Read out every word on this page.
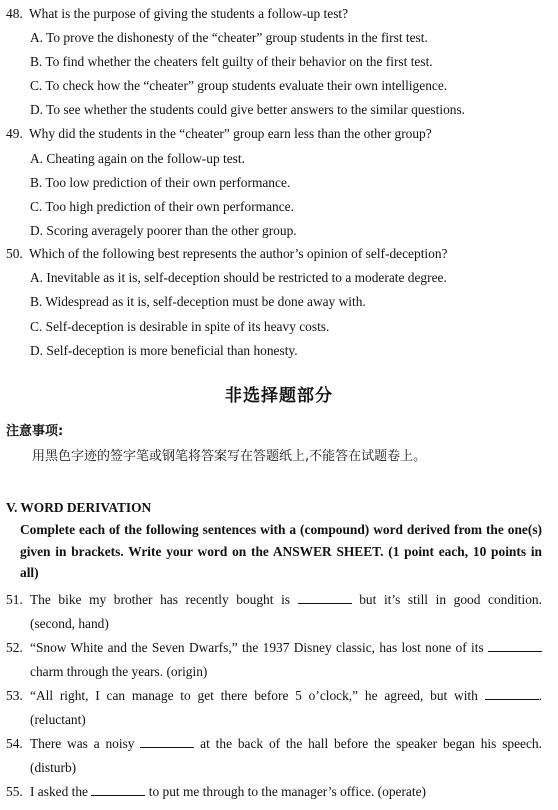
48. What is the purpose of giving the students a follow-up test?
A. To prove the dishonesty of the “cheater” group students in the first test.
B. To find whether the cheaters felt guilty of their behavior on the first test.
C. To check how the “cheater” group students evaluate their own intelligence.
D. To see whether the students could give better answers to the similar questions.
49. Why did the students in the “cheater” group earn less than the other group?
A. Cheating again on the follow-up test.
B. Too low prediction of their own performance.
C. Too high prediction of their own performance.
D. Scoring averagely poorer than the other group.
50. Which of the following best represents the author’s opinion of self-deception?
A. Inevitable as it is, self-deception should be restricted to a moderate degree.
B. Widespread as it is, self-deception must be done away with.
C. Self-deception is desirable in spite of its heavy costs.
D. Self-deception is more beneficial than honesty.
非选择题部分
注意事项:
用黑色字迹的签字笔或钢笔将答案写在答题纸上,不能答在试题卷上。
V. WORD DERIVATION
Complete each of the following sentences with a (compound) word derived from the one(s) given in brackets. Write your word on the ANSWER SHEET. (1 point each, 10 points in all)
51. The bike my brother has recently bought is	but it’s still in good condition.
(second, hand)
52. “Snow White and the Seven Dwarfs,” the 1937 Disney classic, has lost none of its
charm through the years. (origin)
53. “All right, I can manage to get there before 5 o’clock,” he agreed, but with	.
(reluctant)
54. There was a noisy	at the back of the hall before the speaker began his speech.
(disturb)
55. I asked the	to put me through to the manager’s office. (operate)
